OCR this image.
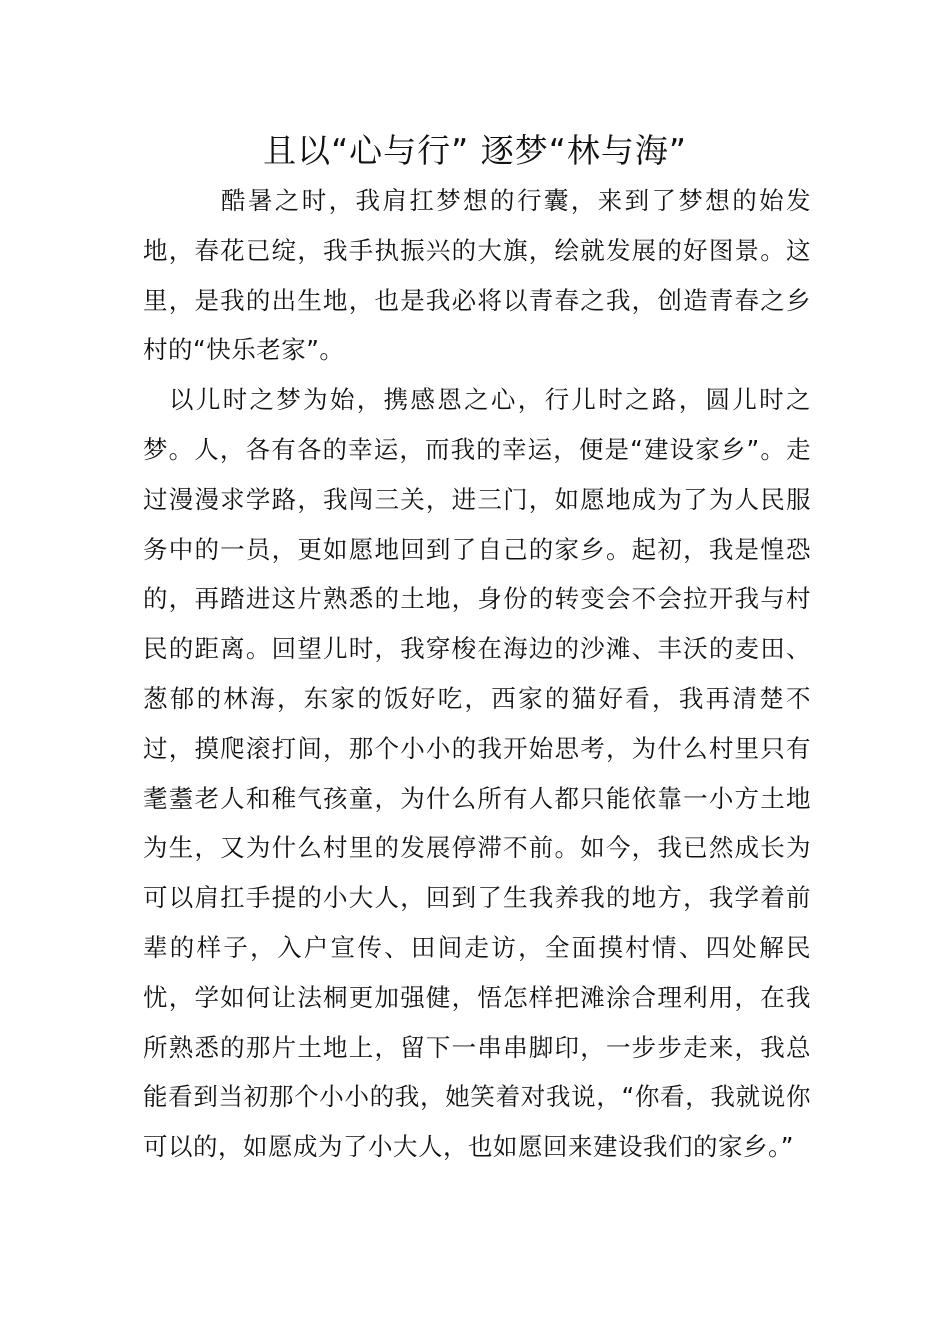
且以“心与行” 逐梦“林与海”

酷暑之时，我肩扛梦想的行囊，来到了梦想的始发地，春花已绽，我手执振兴的大旗，绘就发展的好图景。这里，是我的出生地，也是我必将以青春之我，创造青春之乡村的“快乐老家”。

以儿时之梦为始，携感恩之心，行儿时之路，圆儿时之梦。人，各有各的幸运，而我的幸运，便是“建设家乡”。走过漫漫求学路，我闯三关，进三门，如愿地成为了为人民服务中的一员，更如愿地回到了自己的家乡。起初，我是惶恐的，再踏进这片熟悉的土地，身份的转变会不会拉开我与村民的距离。回望儿时，我穿梭在海边的沙滩、丰沃的麦田、葱郁的林海，东家的饭好吃，西家的猫好看，我再清楚不过，摸爬滚打间，那个小小的我开始思考，为什么村里只有耄耋老人和稚气孩童，为什么所有人都只能依靠一小方土地为生，又为什么村里的发展停滞不前。如今，我已然成长为可以肩扛手提的小大人，回到了生我养我的地方，我学着前辈的样子，入户宣传、田间走访，全面摸村情、四处解民忧，学如何让法桐更加强健，悟怎样把滩涂合理利用，在我所熟悉的那片土地上，留下一串串脚印，一步步走来，我总能看到当初那个小小的我，她笑着对我说，“你看，我就说你可以的，如愿成为了小大人，也如愿回来建设我们的家乡。”
